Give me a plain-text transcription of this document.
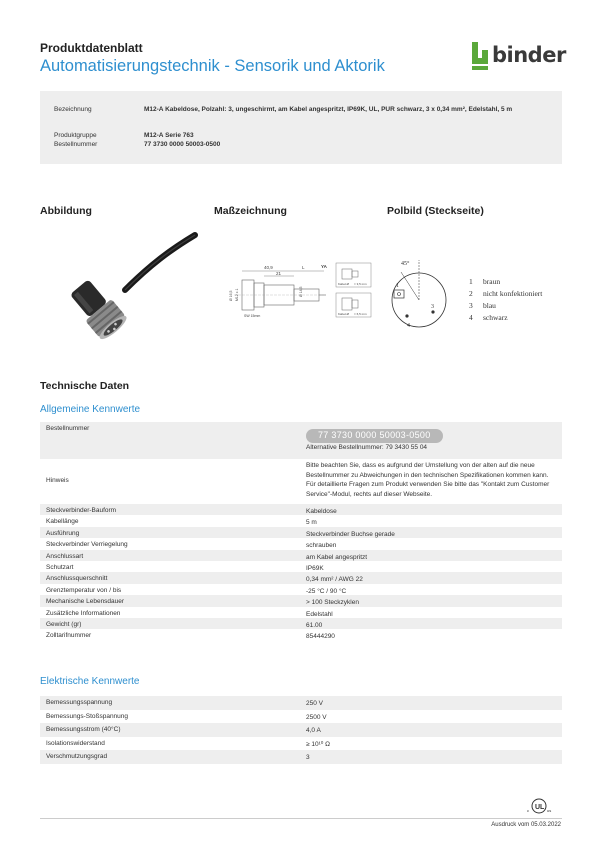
Produktdatenblatt
Automatisierungstechnik - Sensorik und Aktorik	binder
Bezeichnung	M12-A Kabeldose, Polzahl: 3, ungeschirmt, am Kabel angespritzt, IP69K, UL, PUR schwarz, 3 x 0,34 mm², Edelstahl, 5 m
Produktgruppe	M12-A Serie 763
Bestellnummer	77 3730 0000 50003-0500
Abbildung	Maßzeichnung	Polbild (Steckseite)
40,9
21
L	YA
SW 15mm
Ø 14,5
Ø 16,5 M12 x 1
Kabel-Ø = 3,5 mm
Kabel-Ø = 6,5 mm
45°
1
3
4
1 braun
2 nicht konfektioniert
3 blau
4 schwarz
Technische Daten
Allgemeine Kennwerte
Bestellnummer
77 3730 0000 50003-0500
Alternative Bestellnummer: 79 3430 55 04
Hinweis
Bitte beachten Sie, dass es aufgrund der Umstellung von der alten auf die neue Bestellnummer zu Abweichungen in den technischen Spezifikationen kommen kann. Für detaillierte Fragen zum Produkt verwenden Sie bitte das "Kontakt zum Customer Service"-Modul, rechts auf dieser Webseite.
Steckverbinder-Bauform	Kabeldose
Kabellänge	5 m
Ausführung	Steckverbinder Buchse gerade
Steckverbinder Verriegelung	schrauben
Anschlussart	am Kabel angespritzt
Schutzart	IP69K
Anschlussquerschnitt	0,34 mm² / AWG 22
Grenztemperatur von / bis	-25 °C / 90 °C
Mechanische Lebensdauer	> 100 Steckzyklen
Zusätzliche Informationen	Edelstahl
Gewicht (gr)	61.00
Zolltarifnummer	85444290
Elektrische Kennwerte
Bemessungsspannung	250 V
Bemessungs-Stoßspannung	2500 V
Bemessungsstrom (40°C)	4,0 A
Isolationswiderstand	≥ 10¹⁰ Ω
Verschmutzungsgrad	3
UL
c	us
Ausdruck vom 05.03.2022
